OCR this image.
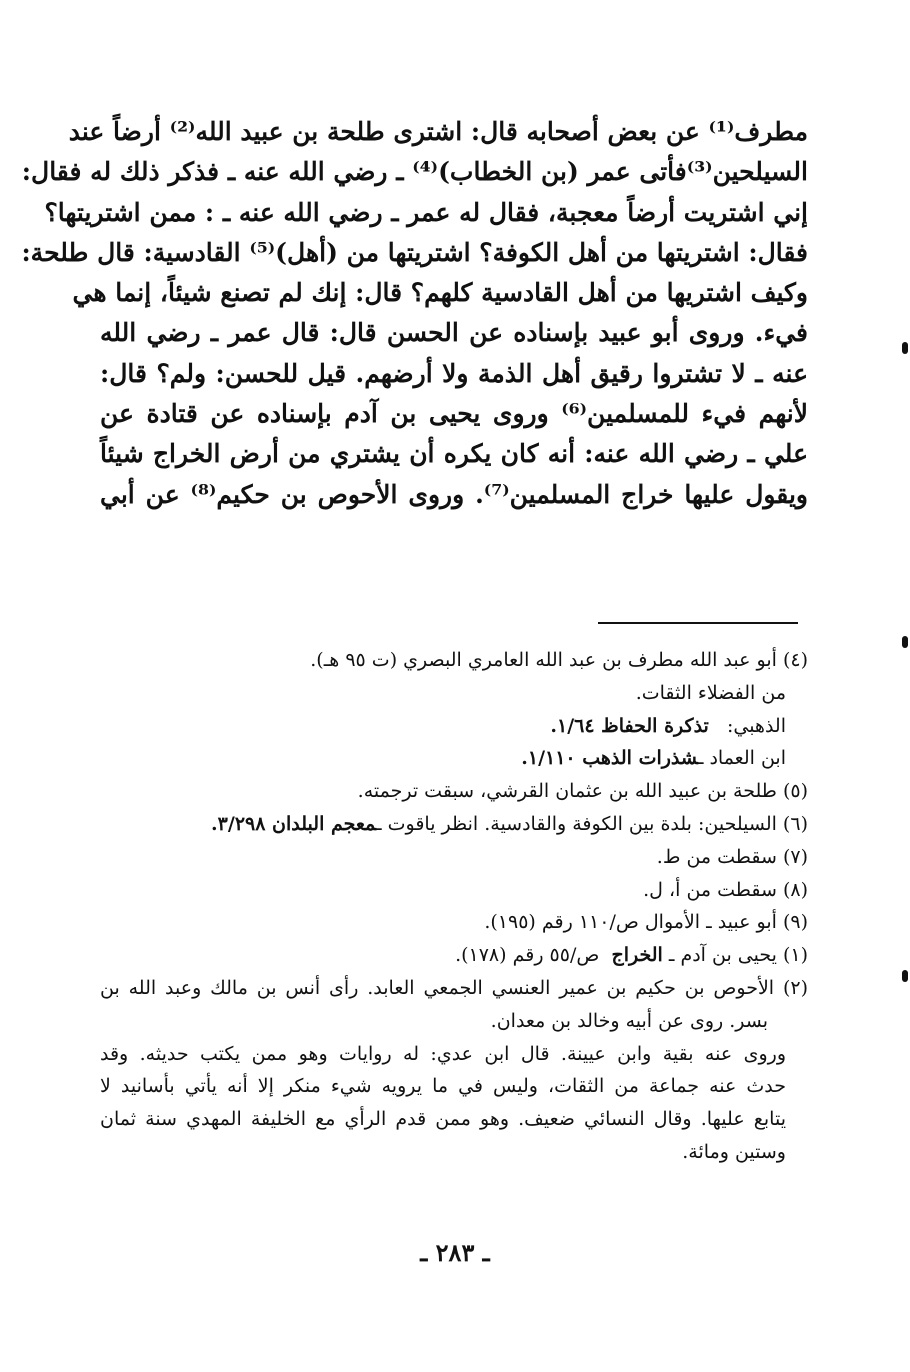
مطرف⁽¹⁾ عن بعض أصحابه قال: اشترى طلحة بن عبيد الله⁽²⁾ أرضاً عند
السيلحين⁽³⁾فأتى عمر (بن الخطاب)⁽⁴⁾ ـ رضي الله عنه ـ فذكر ذلك له فقال:
إني اشتريت أرضاً معجبة، فقال له عمر ـ رضي الله عنه ـ : ممن اشتريتها؟
فقال: اشتريتها من أهل الكوفة؟ اشتريتها من (أهل)⁽⁵⁾ القادسية: قال طلحة:
وكيف اشتريها من أهل القادسية كلهم؟ قال: إنك لم تصنع شيئاً، إنما هي
فيء. وروى أبو عبيد بإسناده عن الحسن قال: قال عمر ـ رضي الله
عنه ـ لا تشتروا رقيق أهل الذمة ولا أرضهم. قيل للحسن: ولم؟ قال:
لأنهم فيء للمسلمين⁽⁶⁾ وروى يحيى بن آدم بإسناده عن قتادة عن
علي ـ رضي الله عنه: أنه كان يكره أن يشتري من أرض الخراج شيئاً
ويقول عليها خراج المسلمين⁽⁷⁾. وروى الأحوص بن حكيم⁽⁸⁾ عن أبي
(٤) أبو عبد الله مطرف بن عبد الله العامري البصري (ت ٩٥ هـ).
من الفضلاء الثقات.
الذهبي:   تذكرة الحفاظ ١/٦٤.
ابن العماد ـشذرات الذهب ١/١١٠.
(٥) طلحة بن عبيد الله بن عثمان القرشي، سبقت ترجمته.
(٦) السيلحين: بلدة بين الكوفة والقادسية. انظر ياقوت ـمعجم البلدان ٣/٢٩٨.
(٧) سقطت من ط.
(٨) سقطت من أ، ل.
(٩) أبو عبيد ـ الأموال ص/١١٠ رقم (١٩٥).
(١) يحيى بن آدم ـ الخراج  ص/٥٥ رقم (١٧٨).
(٢) الأحوص بن حكيم بن عمير العنسي الجمعي العابد. رأى أنس بن مالك وعبد الله بن
بسر. روى عن أبيه وخالد بن معدان.
وروى عنه بقية وابن عيينة. قال ابن عدي: له روايات وهو ممن يكتب حديثه. وقد
حدث عنه جماعة من الثقات، وليس في ما يرويه شيء منكر إلا أنه يأتي بأسانيد لا
يتابع عليها. وقال النسائي ضعيف. وهو ممن قدم الرأي مع الخليفة المهدي سنة ثمان
وستين ومائة.
ـ ٢٨٣ ـ
